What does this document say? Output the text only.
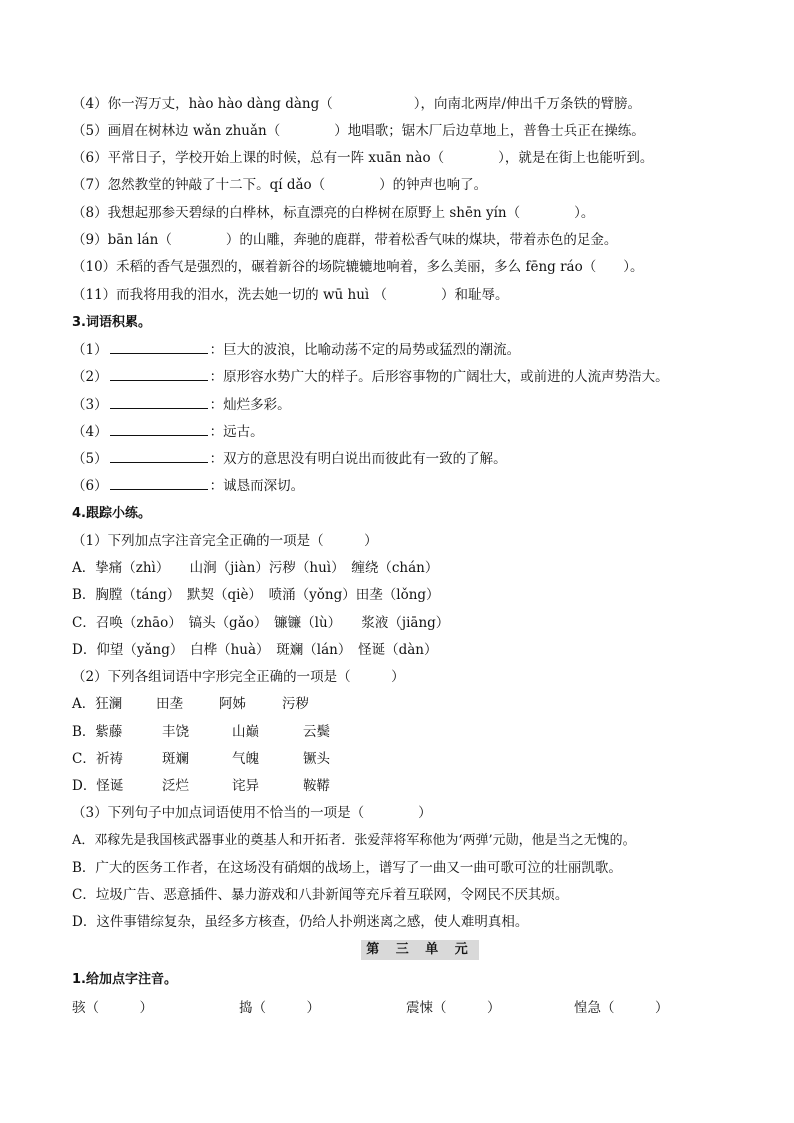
（4）你一泻万丈，hào hào dàng dàng（　　　　　　），向南北两岸/伸出千万条铁的臂膀。
（5）画眉在树林边 wǎn zhuǎn（　　　　）地唱歌；锯木厂后边草地上，普鲁士兵正在操练。
（6）平常日子，学校开始上课的时候，总有一阵 xuān nào（　　　　），就是在街上也能听到。
（7）忽然教堂的钟敲了十二下。qí dǎo（　　　　）的钟声也响了。
（8）我想起那参天碧绿的白桦林，标直漂亮的白桦树在原野上 shēn yín（　　　　）。
（9）bān lán（　　　　）的山雕，奔驰的鹿群，带着松香气味的煤块，带着赤色的足金。
（10）禾稻的香气是强烈的，碾着新谷的场院辘辘地响着，多么美丽，多么 fēng ráo（　　）。
（11）而我将用我的泪水，洗去她一切的 wū huì （　　　　）和耻辱。
3.词语积累。
（1）	：巨大的波浪，比喻动荡不定的局势或猛烈的潮流。
（2）	：原形容水势广大的样子。后形容事物的广阔壮大，或前进的人流声势浩大。
（3）	：灿烂多彩。
（4）	：远古。
（5）	：双方的意思没有明白说出而彼此有一致的了解。
（6）	：诚恳而深切。
4.跟踪小练。
（1）下列加点字注音完全正确的一项是（　　　）
A．挚痛（zhì）　　山涧（jiàn）污秽（huì）　缠绕（chán）
B．胸膛（táng）　默契（qiè）　喷涌（yǒng）田垄（lǒng）
C．召唤（zhāo）　镐头（gǎo）　镰镰（lù）　　浆液（jiāng）
D．仰望（yǎng）　白桦（huà）　斑斓（lán）　怪诞（dàn）
（2）下列各组词语中字形完全正确的一项是（　　　）
A．狂澜	田垄	阿姊	污秽
B．紫藤	丰饶	山巅	云鬓
C．祈祷	斑斓	气魄	镢头
D．怪诞	泛烂	诧异	鞍鞯
（3）下列句子中加点词语使用不恰当的一项是（　　　　）
A．邓稼先是我国核武器事业的奠基人和开拓者．张爱萍将军称他为‘两弹’元勋，他是当之无愧的。
B．广大的医务工作者，在这场没有硝烟的战场上，谱写了一曲又一曲可歌可泣的壮丽凯歌。
C．垃圾广告、恶意插件、暴力游戏和八卦新闻等充斥着互联网，令网民不厌其烦。
D．这件事错综复杂，虽经多方核查，仍给人扑朔迷离之感，使人难明真相。
第 三 单 元
1.给加点字注音。
骇（　　　）	捣（　　　）	震悚（　　　）	惶急（　　　）
